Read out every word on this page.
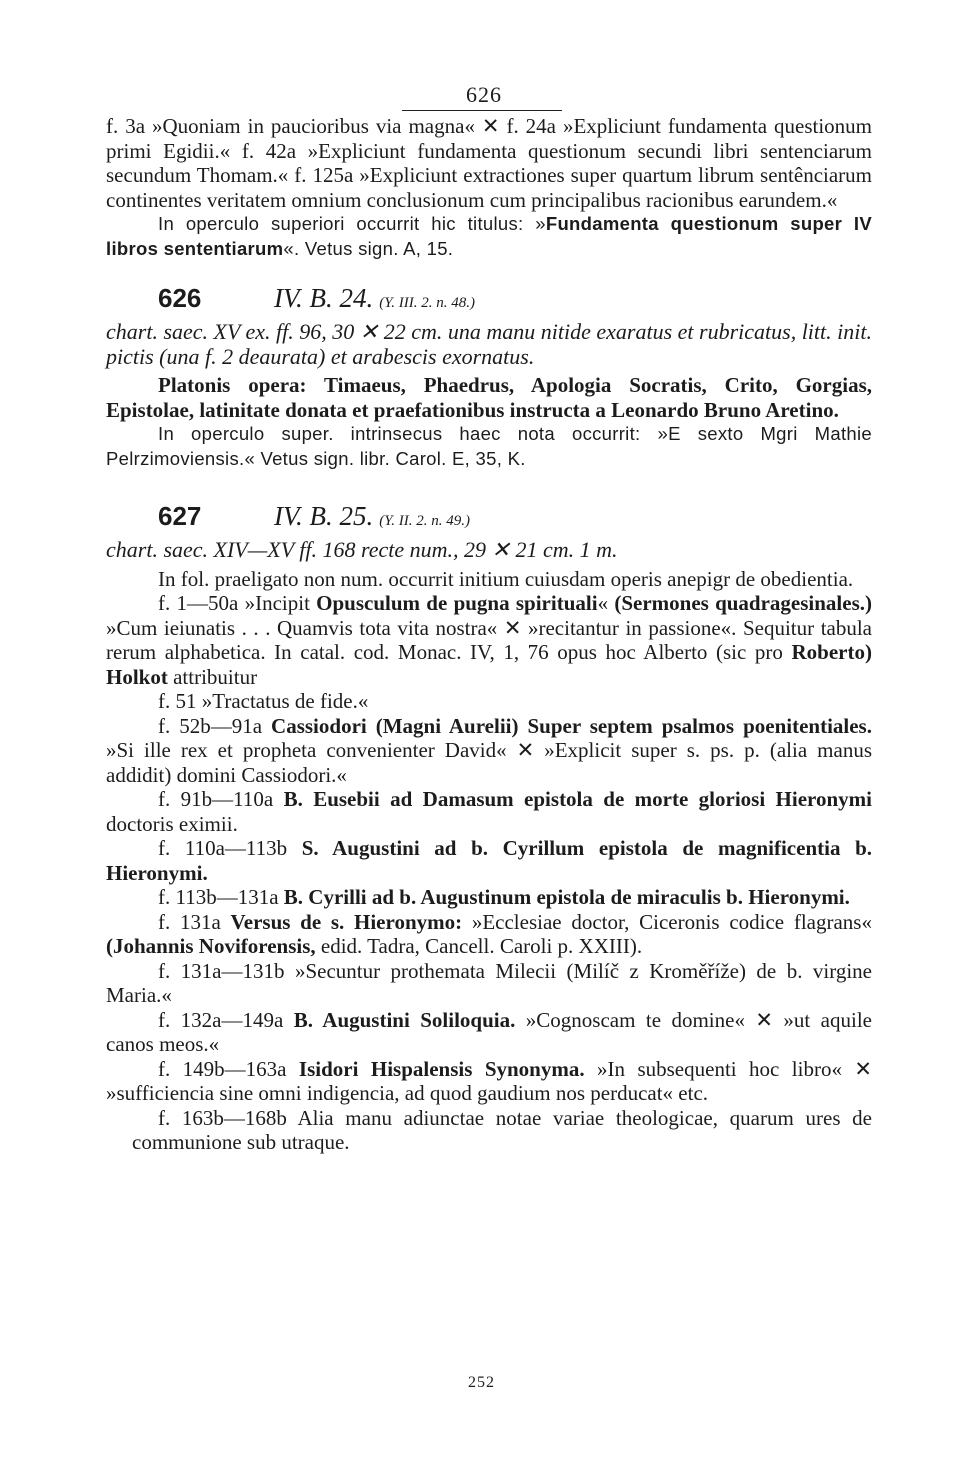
626

f. 3a »Quoniam in paucioribus via magna« ✕ f. 24a »Expliciunt fundamenta questionum primi Egidii.« f. 42a »Expliciunt fundamenta questionum secundi libri sentenciarum secundum Thomam.« f. 125a »Expliciunt extractiones super quartum librum sentênciarum continentes veritatem omnium conclusionum cum principalibus racionibus earundem.«

In operculo superiori occurrit hic titulus: »Fundamenta questionum super IV libros sententiarum«. Vetus sign. A, 15.

626	IV. B. 24. (Y. III. 2. n. 48.)

chart. saec. XV ex. ff. 96, 30 ✕ 22 cm. una manu nitide exaratus et rubricatus, litt. init. pictis (una f. 2 deaurata) et arabescis exornatus.

Platonis opera: Timaeus, Phaedrus, Apologia Socratis, Crito, Gorgias, Epistolae, latinitate donata et praefationibus instructa a Leonardo Bruno Aretino.

In operculo super. intrinsecus haec nota occurrit: »E sexto Mgri Mathie Pelrzimoviensis.« Vetus sign. libr. Carol. E, 35, K.

627	IV. B. 25. (Y. II. 2. n. 49.)

chart. saec. XIV—XV ff. 168 recte num., 29 ✕ 21 cm. 1 m.

In fol. praeligato non num. occurrit initium cuiusdam operis anepigr de obedientia.

f. 1—50a »Incipit Opusculum de pugna spirituali« (Sermones quadragesinales.) »Cum ieiunatis . . . Quamvis tota vita nostra« ✕ »recitantur in passione«. Sequitur tabula rerum alphabetica. In catal. cod. Monac. IV, 1, 76 opus hoc Alberto (sic pro Roberto) Holkot attribuitur

f. 51 »Tractatus de fide.«

f. 52b—91a Cassiodori (Magni Aurelii) Super septem psalmos poenitentiales. »Si ille rex et propheta convenienter David« ✕ »Explicit super s. ps. p. (alia manus addidit) domini Cassiodori.«

f. 91b—110a B. Eusebii ad Damasum epistola de morte gloriosi Hieronymi doctoris eximii.

f. 110a—113b S. Augustini ad b. Cyrillum epistola de magnificentia b. Hieronymi.

f. 113b—131a B. Cyrilli ad b. Augustinum epistola de miraculis b. Hieronymi.

f. 131a Versus de s. Hieronymo: »Ecclesiae doctor, Ciceronis codice flagrans« (Johannis Noviforensis, edid. Tadra, Cancell. Caroli p. XXIII).

f. 131a—131b »Secuntur prothemata Milecii (Milíč z Kroměříže) de b. virgine Maria.«

f. 132a—149a B. Augustini Soliloquia. »Cognoscam te domine« ✕ »ut aquile canos meos.«

f. 149b—163a Isidori Hispalensis Synonyma. »In subsequenti hoc libro« ✕ »sufficiencia sine omni indigencia, ad quod gaudium nos perducat« etc.

f. 163b—168b Alia manu adiunctae notae variae theologicae, quarum ures de communione sub utraque.

252
